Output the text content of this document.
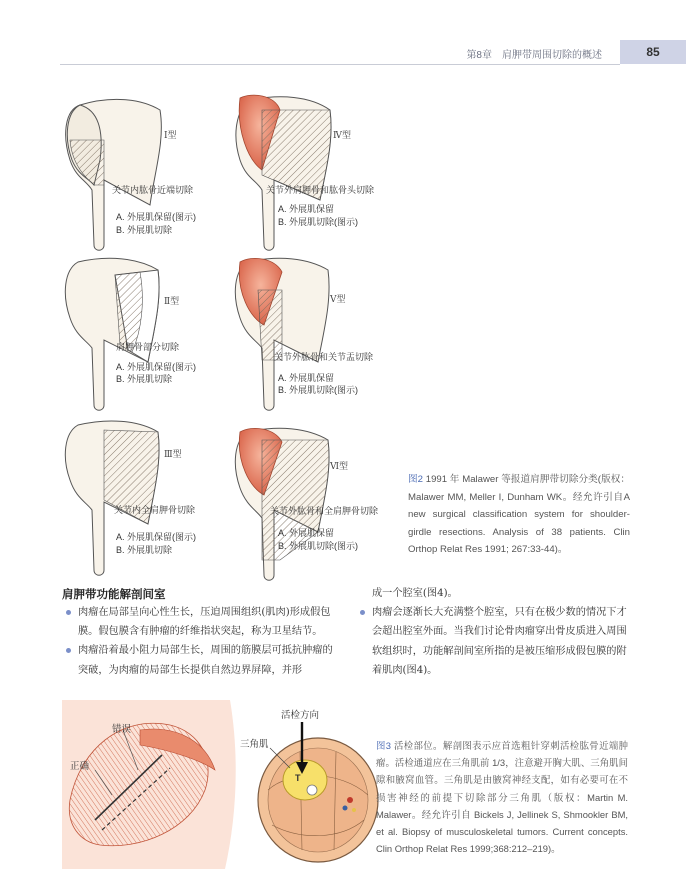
第8章　肩胛带周围切除的概述	85
Ⅰ型
关节内肱骨近端切除
A. 外展肌保留(图示)
B. 外展肌切除
Ⅳ型
关节外肩胛骨和肱骨头切除
A. 外展肌保留
B. 外展肌切除(图示)
Ⅱ型
肩胛骨部分切除
A. 外展肌保留(图示)
B. 外展肌切除
Ⅴ型
关节外肱骨和关节盂切除
A. 外展肌保留
B. 外展肌切除(图示)
Ⅲ型
关节内全肩胛骨切除
A. 外展肌保留(图示)
B. 外展肌切除
Ⅵ型
关节外肱骨和全肩胛骨切除
A. 外展肌保留
B. 外展肌切除(图示)
图2 1991 年 Malawer 等报道肩胛带切除分类(版权：Malawer MM, Meller I, Dunham WK。经允许引自A new surgical classification system for shoulder-girdle resections. Analysis of 38 patients. Clin Orthop Relat Res 1991; 267:33-44)。
肩胛带功能解剖间室

肉瘤在局部呈向心性生长，压迫周围组织(肌肉)形成假包膜。假包膜含有肿瘤的纤维指状突起，称为卫星结节。

肉瘤沿着最小阻力局部生长，周围的筋膜层可抵抗肿瘤的突破，为肉瘤的局部生长提供自然边界屏障，并形

成一个腔室(图4)。

肉瘤会逐渐长大充满整个腔室，只有在极少数的情况下才会超出腔室外面。当我们讨论骨肉瘤穿出骨皮质进入周围软组织时，功能解剖间室所指的是被压缩形成假包膜的附着肌肉(图4)。

错误
正确
活检方向
三角肌
T
图3 活检部位。解剖图表示应首选粗针穿刺活检肱骨近端肿瘤。活检通道应在三角肌前 1/3，注意避开胸大肌、三角肌间隙和腋窝血管。三角肌是由腋窝神经支配，如有必要可在不损害神经的前提下切除部分三角肌（版权：Martin M. Malawer。经允许引自 Bickels J, Jellinek S, Shmookler BM, et al. Biopsy of musculoskeletal tumors. Current concepts. Clin Orthop Relat Res 1999;368:212–219)。
